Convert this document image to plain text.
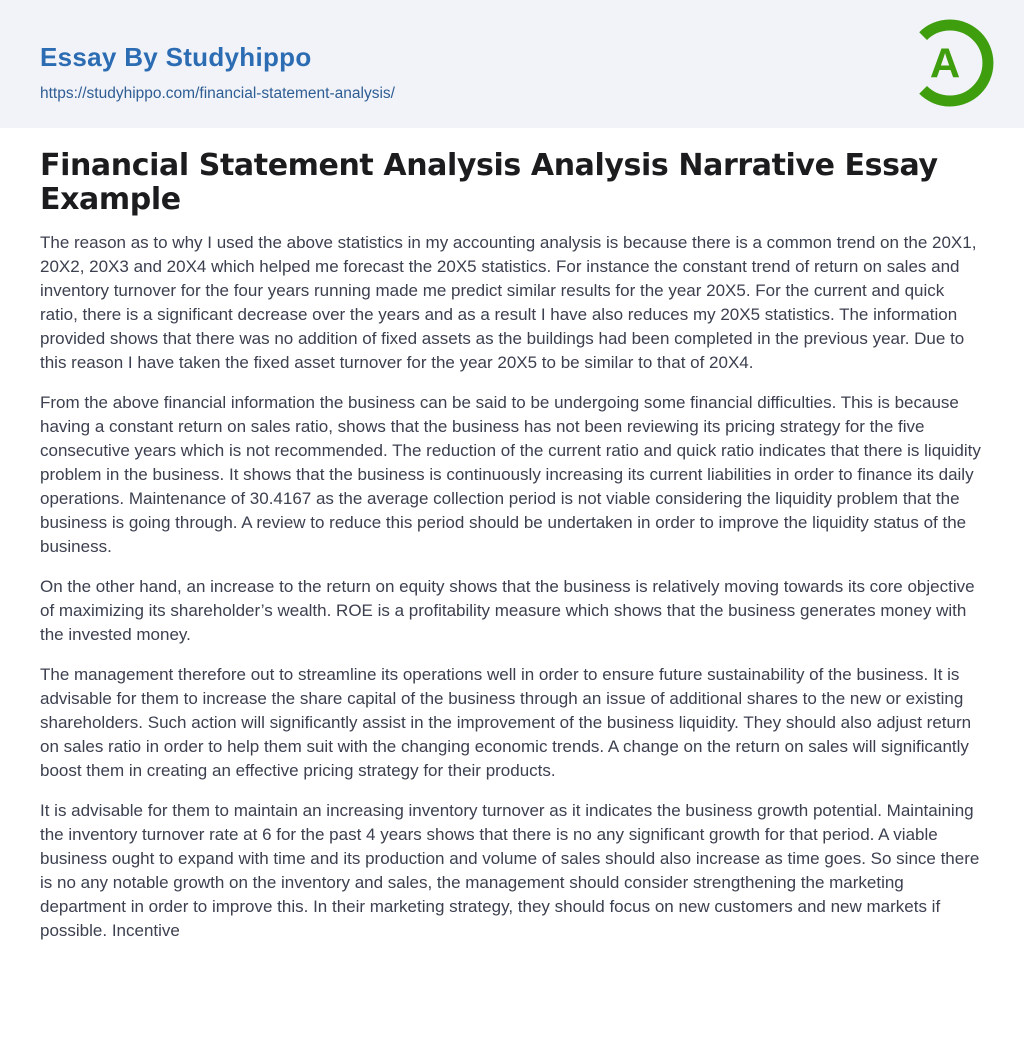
Essay By Studyhippo
https://studyhippo.com/financial-statement-analysis/
A
Financial Statement Analysis Analysis Narrative Essay Example

The reason as to why I used the above statistics in my accounting analysis is because there is a common trend on the 20X1, 20X2, 20X3 and 20X4 which helped me forecast the 20X5 statistics. For instance the constant trend of return on sales and inventory turnover for the four years running made me predict similar results for the year 20X5. For the current and quick ratio, there is a significant decrease over the years and as a result I have also reduces my 20X5 statistics. The information provided shows that there was no addition of fixed assets as the buildings had been completed in the previous year. Due to this reason I have taken the fixed asset turnover for the year 20X5 to be similar to that of 20X4.

From the above financial information the business can be said to be undergoing some financial difficulties. This is because having a constant return on sales ratio, shows that the business has not been reviewing its pricing strategy for the five consecutive years which is not recommended. The reduction of the current ratio and quick ratio indicates that there is liquidity problem in the business. It shows that the business is continuously increasing its current liabilities in order to finance its daily operations. Maintenance of 30.4167 as the average collection period is not viable considering the liquidity problem that the business is going through. A review to reduce this period should be undertaken in order to improve the liquidity status of the business.

On the other hand, an increase to the return on equity shows that the business is relatively moving towards its core objective of maximizing its shareholder’s wealth. ROE is a profitability measure which shows that the business generates money with the invested money.

The management therefore out to streamline its operations well in order to ensure future sustainability of the business. It is advisable for them to increase the share capital of the business through an issue of additional shares to the new or existing shareholders. Such action will significantly assist in the improvement of the business liquidity. They should also adjust return on sales ratio in order to help them suit with the changing economic trends. A change on the return on sales will significantly boost them in creating an effective pricing strategy for their products.

It is advisable for them to maintain an increasing inventory turnover as it indicates the business growth potential. Maintaining the inventory turnover rate at 6 for the past 4 years shows that there is no any significant growth for that period. A viable business ought to expand with time and its production and volume of sales should also increase as time goes. So since there is no any notable growth on the inventory and sales, the management should consider strengthening the marketing department in order to improve this. In their marketing strategy, they should focus on new customers and new markets if possible. Incentive
